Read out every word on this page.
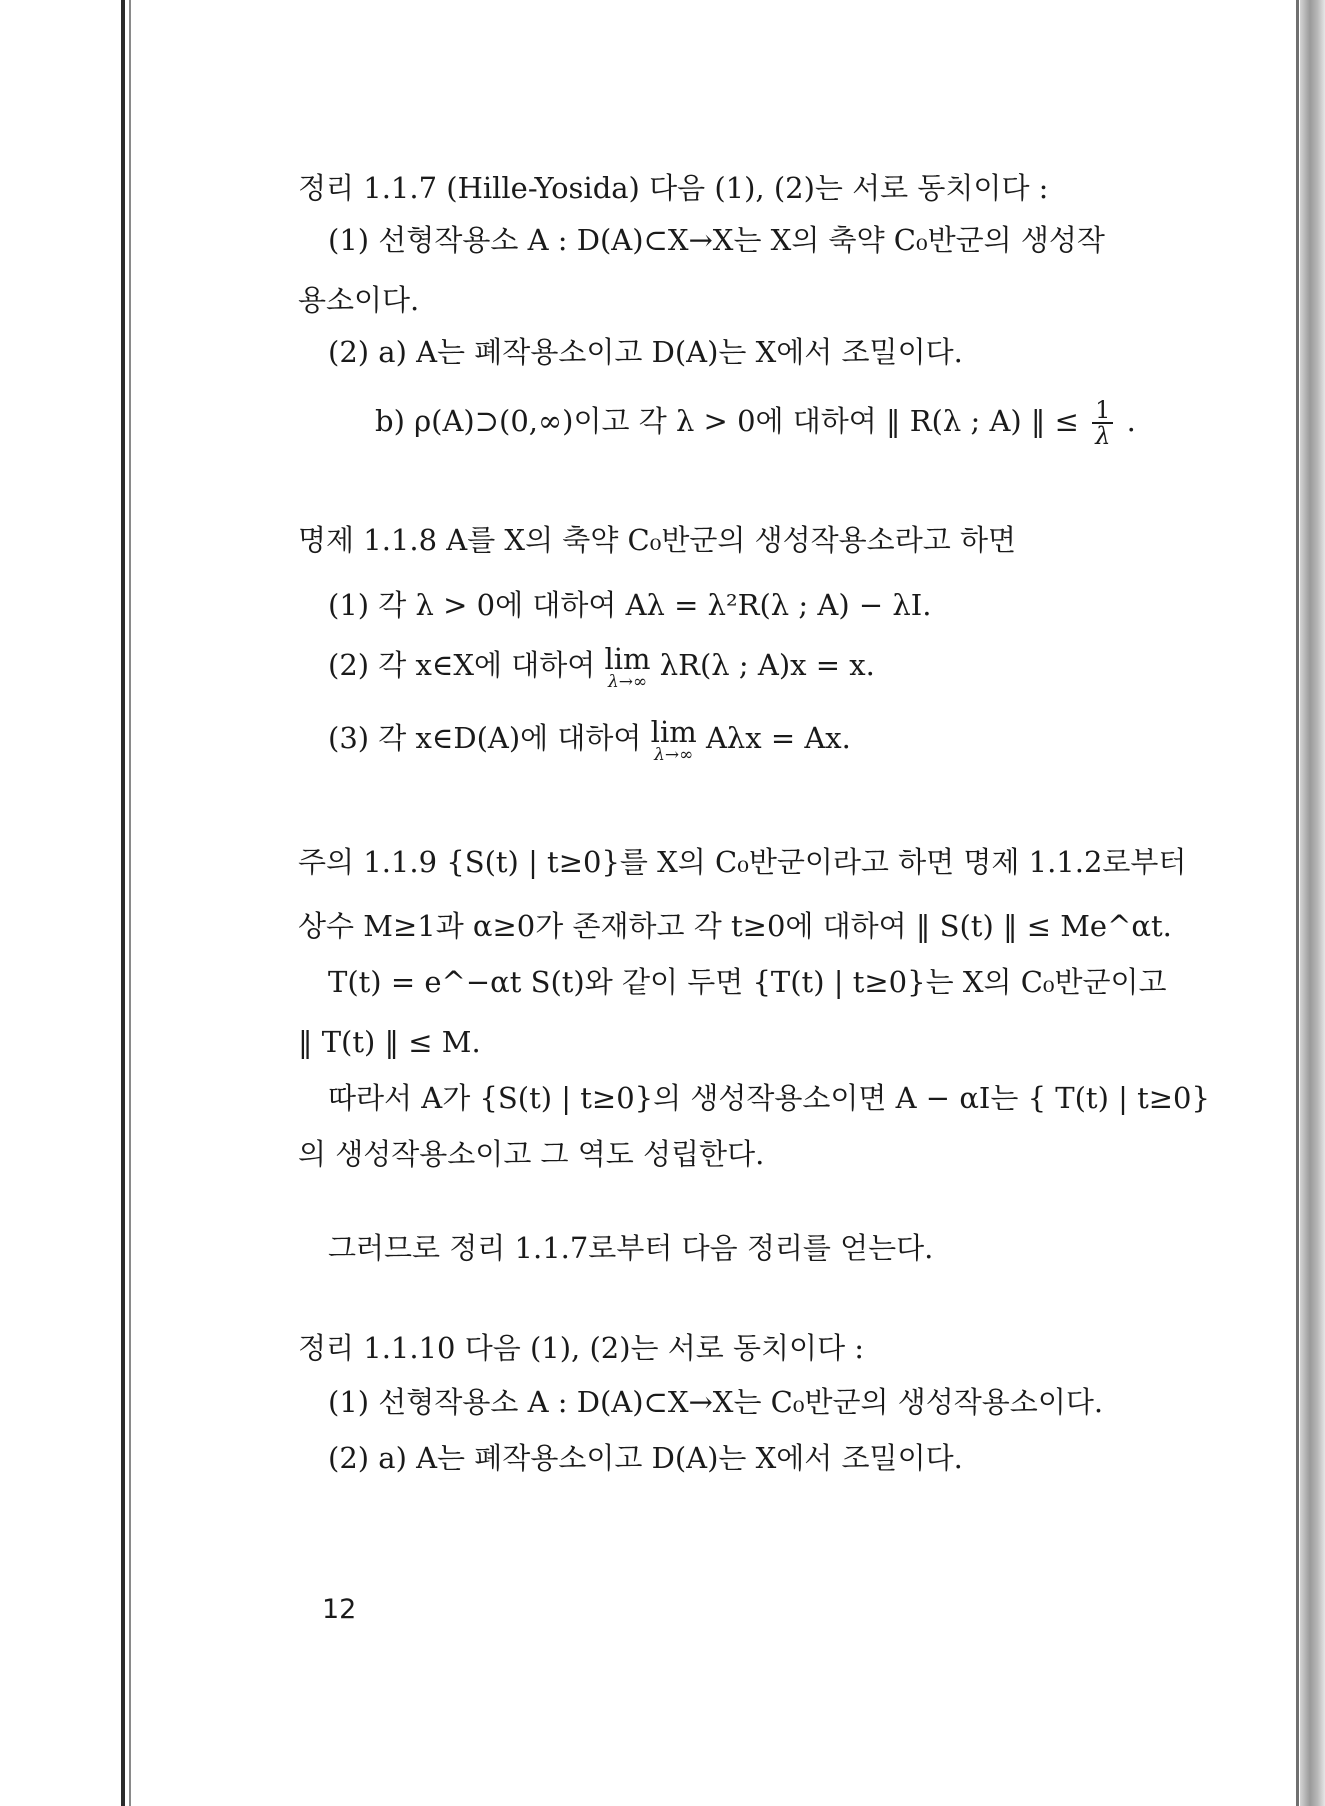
정리 1.1.7 (Hille-Yosida) 다음 (1), (2)는 서로 동치이다 :
(1) 선형작용소 A : D(A)⊂X→X는 X의 축약 C₀반군의 생성작
용소이다.
(2) a) A는 폐작용소이고 D(A)는 X에서 조밀이다.
b) ρ(A)⊃(0,∞)이고 각 λ > 0에 대하여 ‖ R(λ ; A) ‖ ≤ $\frac{1}{\lambda}$ .
명제 1.1.8 A를 X의 축약 C₀반군의 생성작용소라고 하면
(1) 각 λ > 0에 대하여 Aλ = λ²R(λ ; A) − λI.
(2) 각 x∈X에 대하여 lim
λ→∞ λR(λ ; A)x = x.
(3) 각 x∈D(A)에 대하여 lim
λ→∞ Aλx = Ax.
주의 1.1.9 {S(t) | t≥0}를 X의 C₀반군이라고 하면 명제 1.1.2로부터
상수 M≥1과 α≥0가 존재하고 각 t≥0에 대하여 ‖ S(t) ‖ ≤ Me^αt.
T(t) = e^−αt S(t)와 같이 두면 {T(t) | t≥0}는 X의 C₀반군이고
‖ T(t) ‖ ≤ M.
따라서 A가 {S(t) | t≥0}의 생성작용소이면 A − αI는 { T(t) | t≥0}
의 생성작용소이고 그 역도 성립한다.
그러므로 정리 1.1.7로부터 다음 정리를 얻는다.
정리 1.1.10 다음 (1), (2)는 서로 동치이다 :
(1) 선형작용소 A : D(A)⊂X→X는 C₀반군의 생성작용소이다.
(2) a) A는 폐작용소이고 D(A)는 X에서 조밀이다.
12
